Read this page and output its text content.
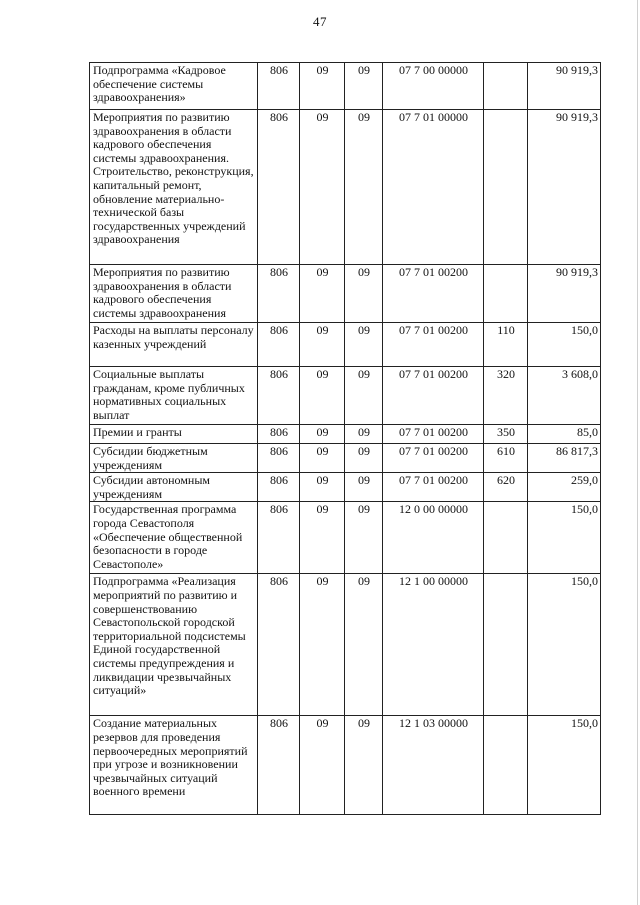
47
Подпрограмма «Кадровое обеспечение системы здравоохранения»	806	09	09	07 7 00 00000		90 919,3
Мероприятия по развитию здравоохранения в области кадрового обеспечения системы здравоохранения. Строительство, реконструкция, капитальный ремонт, обновление материально-технической базы государственных учреждений здравоохранения	806	09	09	07 7 01 00000		90 919,3
Мероприятия по развитию здравоохранения в области кадрового обеспечения системы здравоохранения	806	09	09	07 7 01 00200		90 919,3
Расходы на выплаты персоналу казенных учреждений	806	09	09	07 7 01 00200	110	150,0
Социальные выплаты гражданам, кроме публичных нормативных социальных выплат	806	09	09	07 7 01 00200	320	3 608,0
Премии и гранты	806	09	09	07 7 01 00200	350	85,0
Субсидии бюджетным учреждениям	806	09	09	07 7 01 00200	610	86 817,3
Субсидии автономным учреждениям	806	09	09	07 7 01 00200	620	259,0
Государственная программа города Севастополя «Обеспечение общественной безопасности в городе Севастополе»	806	09	09	12 0 00 00000		150,0
Подпрограмма «Реализация мероприятий по развитию и совершенствованию Севастопольской городской территориальной подсистемы Единой государственной системы предупреждения и ликвидации чрезвычайных ситуаций»	806	09	09	12 1 00 00000		150,0
Создание материальных резервов для проведения первоочередных мероприятий при угрозе и возникновении чрезвычайных ситуаций военного времени	806	09	09	12 1 03 00000		150,0
